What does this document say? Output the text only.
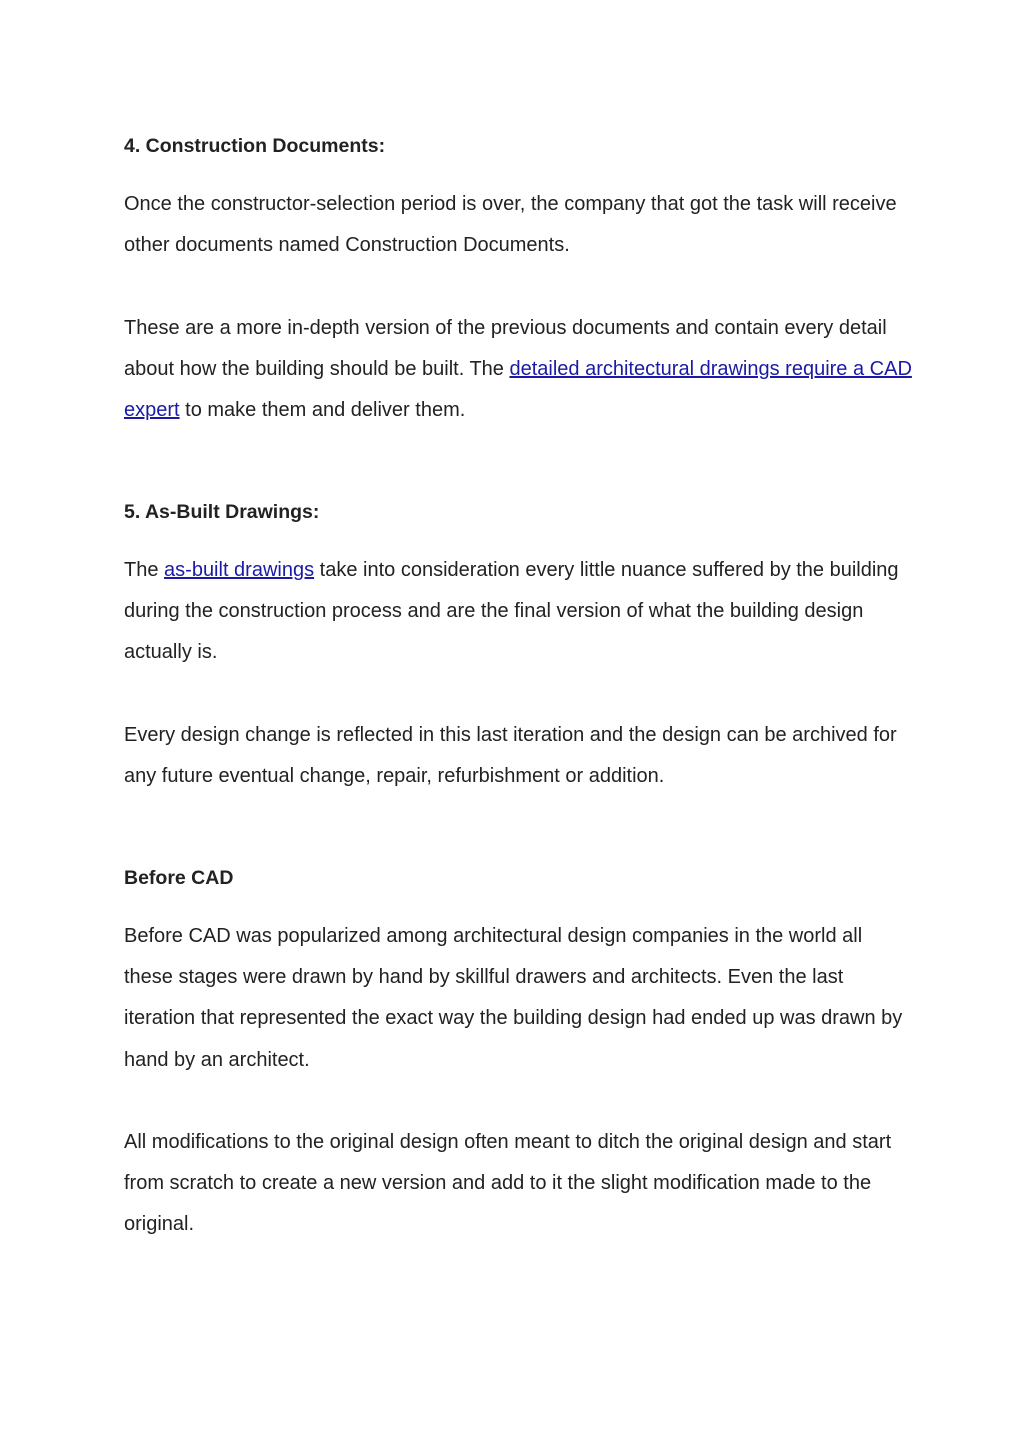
4. Construction Documents:

Once the constructor-selection period is over, the company that got the task will receive other documents named Construction Documents.

These are a more in-depth version of the previous documents and contain every detail about how the building should be built. The detailed architectural drawings require a CAD expert to make them and deliver them.

5. As-Built Drawings:

The as-built drawings take into consideration every little nuance suffered by the building during the construction process and are the final version of what the building design actually is.

Every design change is reflected in this last iteration and the design can be archived for any future eventual change, repair, refurbishment or addition.

Before CAD

Before CAD was popularized among architectural design companies in the world all these stages were drawn by hand by skillful drawers and architects. Even the last iteration that represented the exact way the building design had ended up was drawn by hand by an architect.

All modifications to the original design often meant to ditch the original design and start from scratch to create a new version and add to it the slight modification made to the original.
